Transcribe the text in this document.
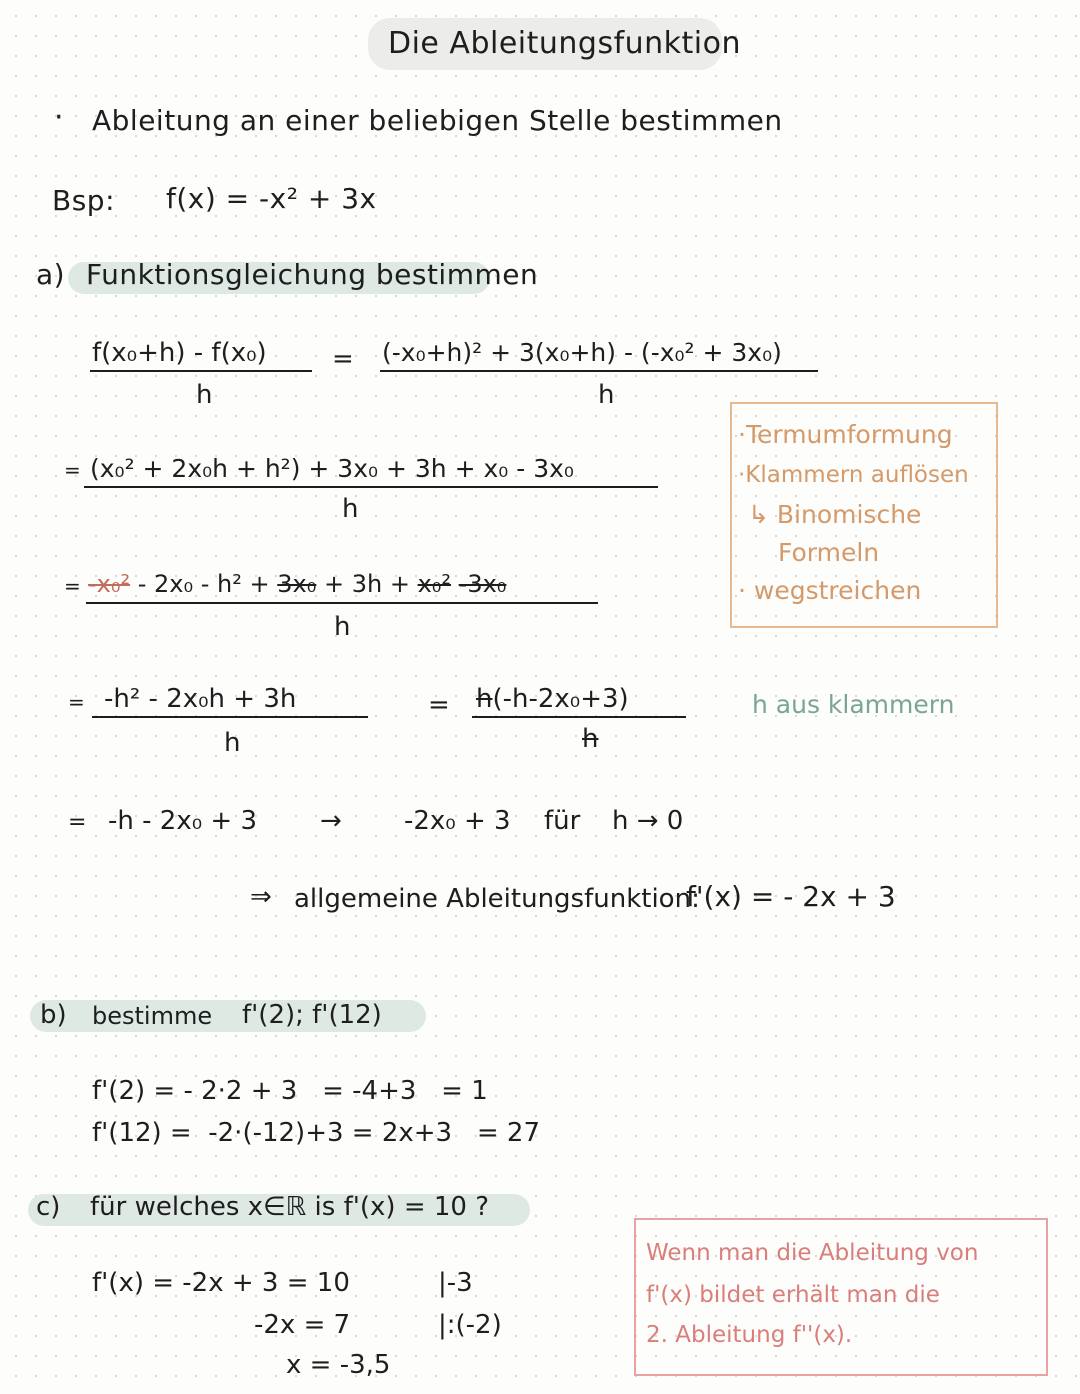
Die Ableitungsfunktion
· Ableitung an einer beliebigen Stelle bestimmen
Bsp: f(x) = -x² + 3x
a) Funktionsgleichung bestimmen
f(x₀+h) - f(x₀)
h
= (-x₀+h)² + 3(x₀+h) - (-x₀² + 3x₀)
h
·Termumformung
·Klammern auflösen
↳ Binomische
Formeln
· wegstreichen
= (x₀² + 2x₀h + h²) + 3x₀ + 3h + x₀ - 3x₀
h
= -x₀² - 2x₀ - h² + 3x₀ + 3h + x₀² -3x₀
h
= -h² - 2x₀h + 3h
h
= h(-h-2x₀+3)
h
h aus klammern
= -h - 2x₀ + 3 → -2x₀ + 3 für h → 0
⇒ allgemeine Ableitungsfunktion:
f'(x) = - 2x + 3
b) bestimme f'(2); f'(12)
f'(2) = - 2·2 + 3   = -4+3   = 1
f'(12) =  -2·(-12)+3 = 2x+3   = 27
c) für welches x∈ℝ is f'(x) = 10 ?
f'(x) = -2x + 3 = 10	|-3
-2x = 7	|:(-2)
x = -3,5
Wenn man die Ableitung von
f'(x) bildet erhält man die
2. Ableitung f''(x).
